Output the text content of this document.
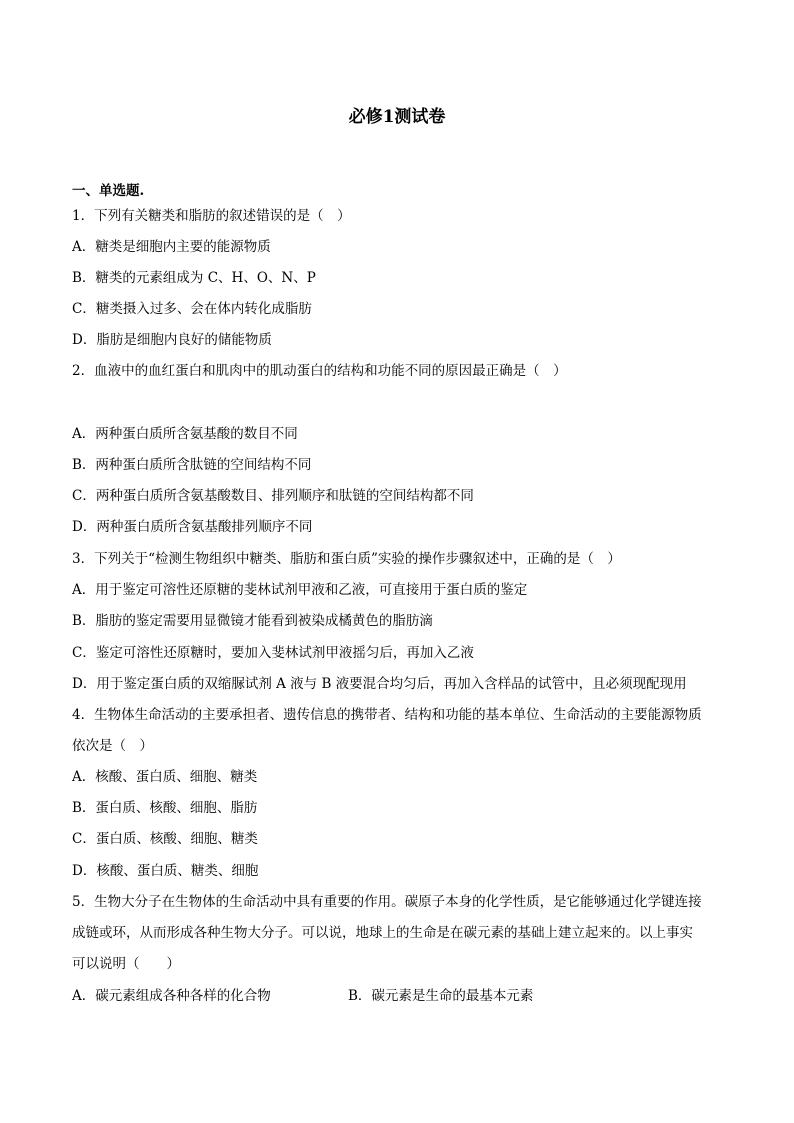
必修1测试卷
一、单选题.
1．下列有关糖类和脂肪的叙述错误的是（　）
A．糖类是细胞内主要的能源物质
B．糖类的元素组成为 C、H、O、N、P
C．糖类摄入过多、会在体内转化成脂肪
D．脂肪是细胞内良好的储能物质
2．血液中的血红蛋白和肌肉中的肌动蛋白的结构和功能不同的原因最正确是（　）
A．两种蛋白质所含氨基酸的数目不同
B．两种蛋白质所含肽链的空间结构不同
C．两种蛋白质所含氨基酸数目、排列顺序和肽链的空间结构都不同
D．两种蛋白质所含氨基酸排列顺序不同
3．下列关于“检测生物组织中糖类、脂肪和蛋白质”实验的操作步骤叙述中，正确的是（　）
A．用于鉴定可溶性还原糖的斐林试剂甲液和乙液，可直接用于蛋白质的鉴定
B．脂肪的鉴定需要用显微镜才能看到被染成橘黄色的脂肪滴
C．鉴定可溶性还原糖时，要加入斐林试剂甲液摇匀后，再加入乙液
D．用于鉴定蛋白质的双缩脲试剂 A 液与 B 液要混合均匀后，再加入含样品的试管中，且必须现配现用
4．生物体生命活动的主要承担者、遗传信息的携带者、结构和功能的基本单位、生命活动的主要能源物质
依次是（　）
A．核酸、蛋白质、细胞、糖类
B．蛋白质、核酸、细胞、脂肪
C．蛋白质、核酸、细胞、糖类
D．核酸、蛋白质、糖类、细胞
5．生物大分子在生物体的生命活动中具有重要的作用。碳原子本身的化学性质，是它能够通过化学键连接
成链或环，从而形成各种生物大分子。可以说，地球上的生命是在碳元素的基础上建立起来的。以上事实
可以说明（　　）
A．碳元素组成各种各样的化合物	B．碳元素是生命的最基本元素
